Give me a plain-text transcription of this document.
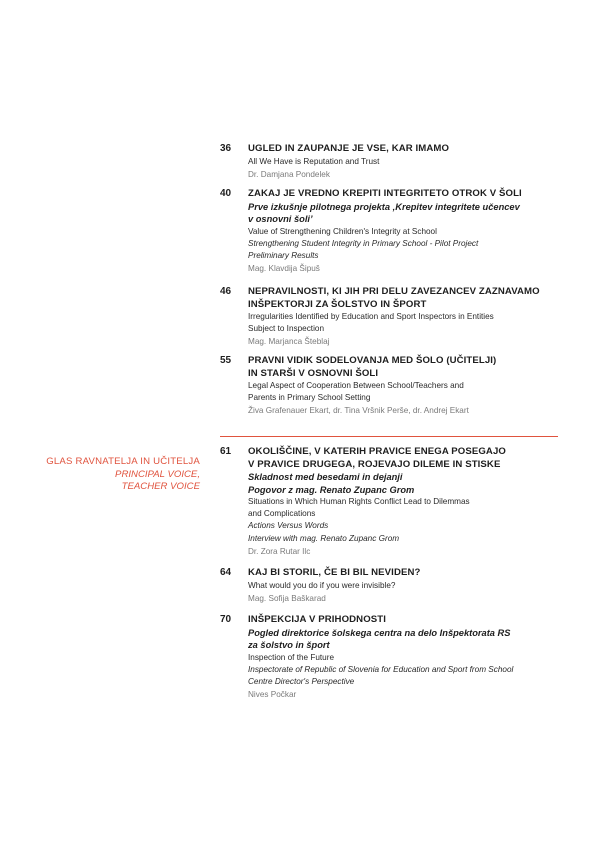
36	UGLED IN ZAUPANJE JE VSE, KAR IMAMO
All We Have is Reputation and Trust
Dr. Damjana Pondelek
40	ZAKAJ JE VREDNO KREPITI INTEGRITETO OTROK V ŠOLI
Prve izkušnje pilotnega projekta ‚Krepitev integritete učencev
v osnovni šoli’
Value of Strengthening Children's Integrity at School
Strengthening Student Integrity in Primary School - Pilot Project
Preliminary Results
Mag. Klavdija Šipuš
46	NEPRAVILNOSTI, KI JIH PRI DELU ZAVEZANCEV ZAZNAVAMO
INŠPEKTORJI ZA ŠOLSTVO IN ŠPORT
Irregularities Identified by Education and Sport Inspectors in Entities
Subject to Inspection
Mag. Marjanca Šteblaj
55	PRAVNI VIDIK SODELOVANJA MED ŠOLO (UČITELJI)
IN STARŠI V OSNOVNI ŠOLI
Legal Aspect of Cooperation Between School/Teachers and
Parents in Primary School Setting
Živa Grafenauer Ekart, dr. Tina Vršnik Perše, dr. Andrej Ekart
61	OKOLIŠČINE, V KATERIH PRAVICE ENEGA POSEGAJO
V PRAVICE DRUGEGA, ROJEVAJO DILEME IN STISKE
Skladnost med besedami in dejanji
Pogovor z mag. Renato Zupanc Grom
Situations in Which Human Rights Conflict Lead to Dilemmas
and Complications
Actions Versus Words
Interview with mag. Renato Zupanc Grom
Dr. Zora Rutar Ilc
64	KAJ BI STORIL, ČE BI BIL NEVIDEN?
What would you do if you were invisible?
Mag. Sofija Baškarad
70	INŠPEKCIJA V PRIHODNOSTI
Pogled direktorice šolskega centra na delo Inšpektorata RS
za šolstvo in šport
Inspection of the Future
Inspectorate of Republic of Slovenia for Education and Sport from School
Centre Director's Perspective
Nives Počkar
GLAS RAVNATELJA IN UČITELJA
PRINCIPAL VOICE,
TEACHER VOICE
